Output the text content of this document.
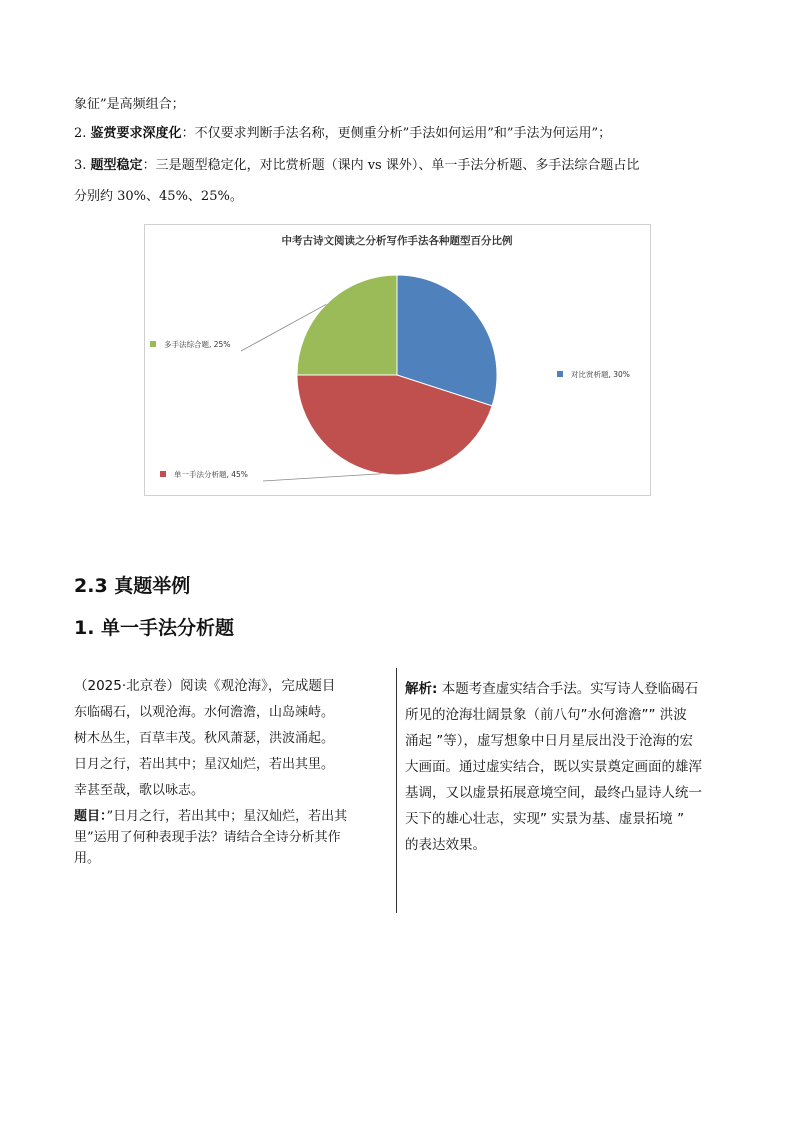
象征”是高频组合；
2. 鉴赏要求深度化：不仅要求判断手法名称，更侧重分析”手法如何运用”和”手法为何运用”；
3. 题型稳定：三是题型稳定化，对比赏析题（课内 vs 课外）、单一手法分析题、多手法综合题占比
分别约 30%、45%、25%。
中考古诗文阅读之分析写作手法各种题型百分比例
对比赏析题, 30%
单一手法分析题, 45%
多手法综合题, 25%
2.3 真题举例
1. 单一手法分析题
（2025·北京卷）阅读《观沧海》，完成题目
东临碣石，以观沧海。水何澹澹，山岛竦峙。
树木丛生，百草丰茂。秋风萧瑟，洪波涌起。
日月之行，若出其中；星汉灿烂，若出其里。
幸甚至哉，歌以咏志。
题目：”日月之行，若出其中；星汉灿烂，若出其
里”运用了何种表现手法？请结合全诗分析其作
用。
解析: 本题考查虚实结合手法。实写诗人登临碣石
所见的沧海壮阔景象（前八句”水何澹澹”” 洪波
涌起 ”等），虚写想象中日月星辰出没于沧海的宏
大画面。通过虚实结合，既以实景奠定画面的雄浑
基调，又以虚景拓展意境空间，最终凸显诗人统一
天下的雄心壮志，实现” 实景为基、虚景拓境 ”
的表达效果。
